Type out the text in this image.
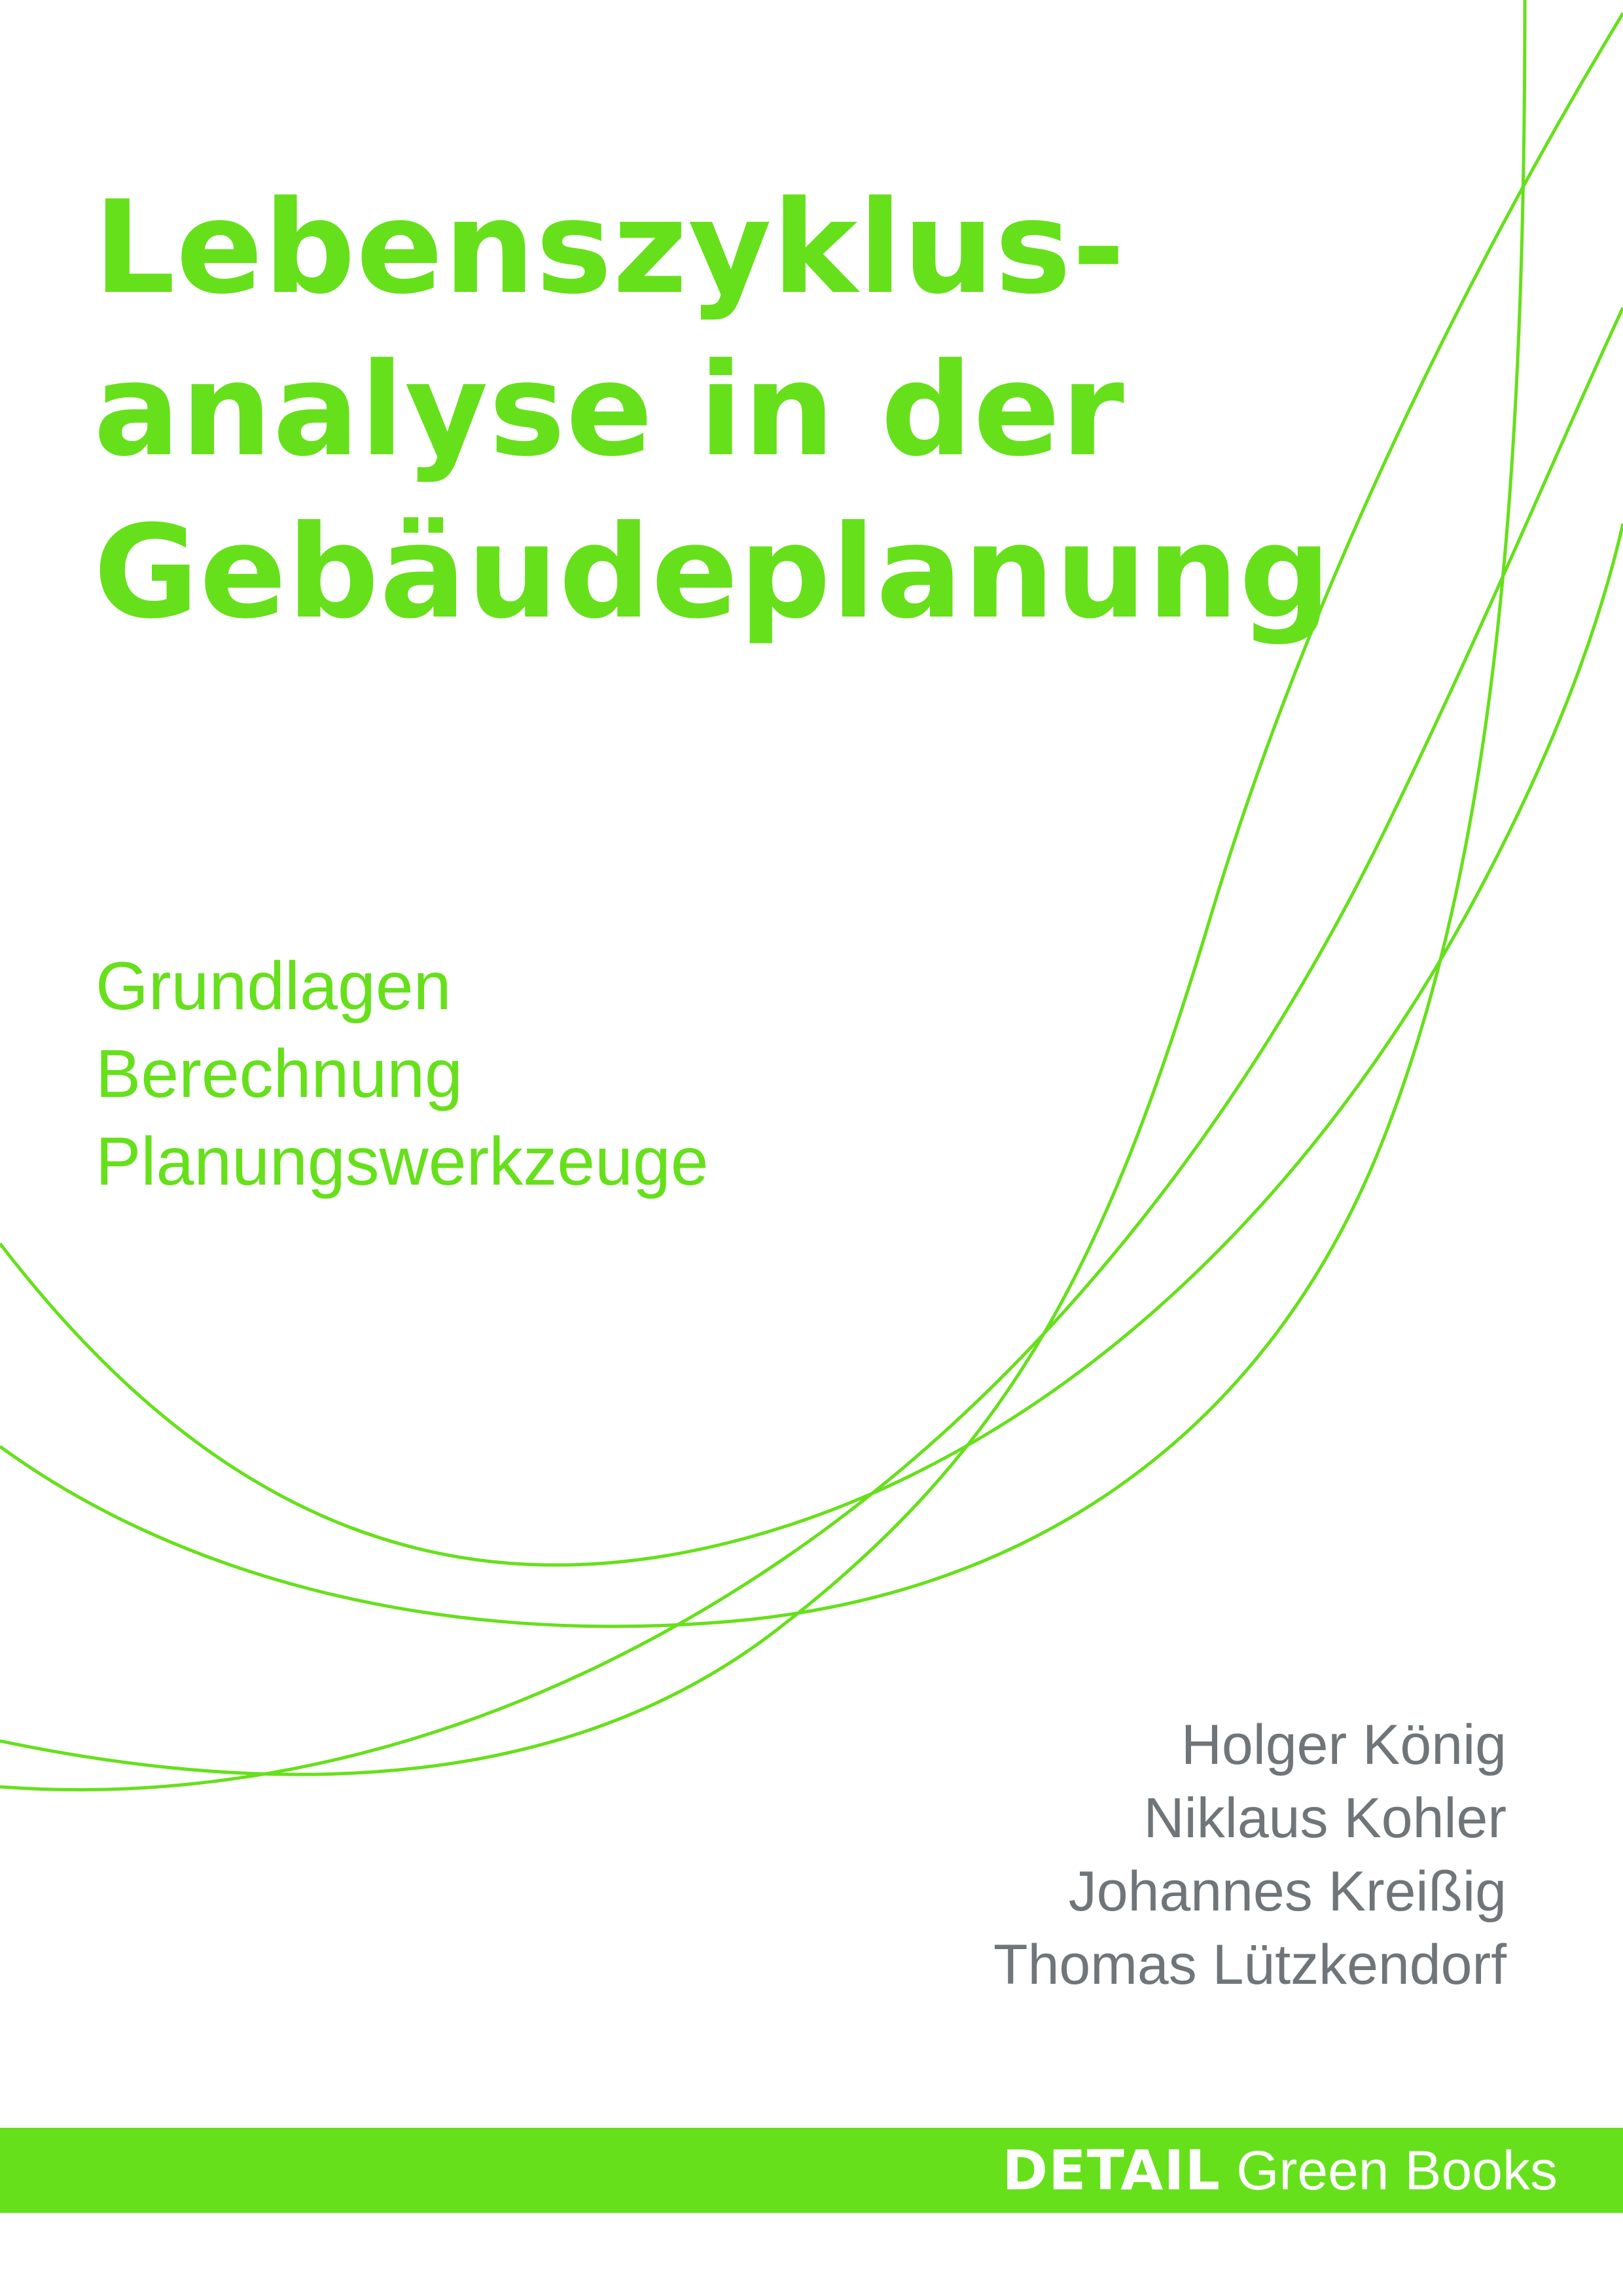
Lebenszyklus-
analyse in der
Gebäudeplanung
Grundlagen
Berechnung
Planungswerkzeuge
Holger König
Niklaus Kohler
Johannes Kreißig
Thomas Lützkendorf
DETAIL Green Books
